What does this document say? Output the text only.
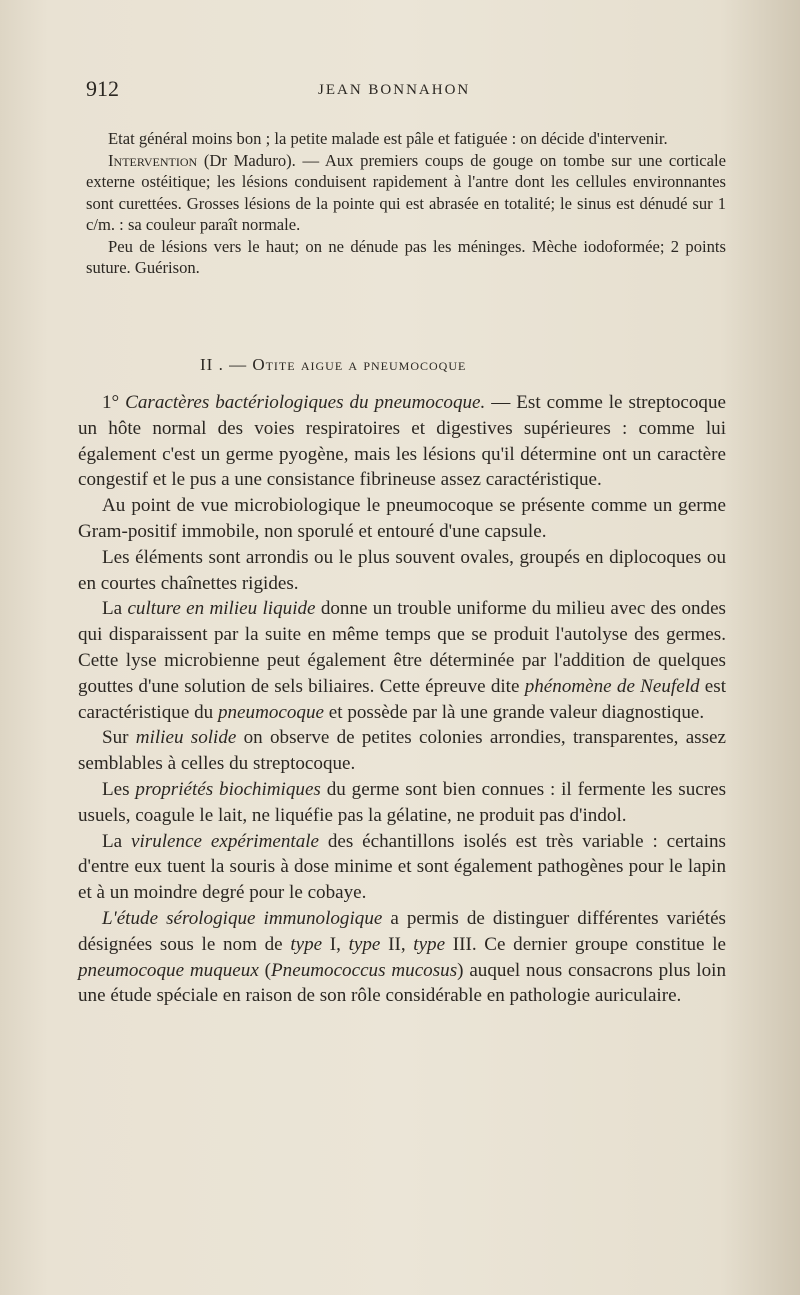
912	JEAN BONNAHON

Etat général moins bon ; la petite malade est pâle et fatiguée : on décide d'intervenir.

Intervention (Dr Maduro). — Aux premiers coups de gouge on tombe sur une corticale externe ostéitique; les lésions conduisent rapidement à l'antre dont les cellules environnantes sont curettées. Grosses lésions de la pointe qui est abrasée en totalité; le sinus est dénudé sur 1 c/m. : sa couleur paraît normale.

Peu de lésions vers le haut; on ne dénude pas les méninges. Mèche iodoformée; 2 points suture. Guérison.

II . — Otite aigue a pneumocoque

1° Caractères bactériologiques du pneumocoque. — Est comme le streptocoque un hôte normal des voies respiratoires et digestives supérieures : comme lui également c'est un germe pyogène, mais les lésions qu'il détermine ont un caractère congestif et le pus a une consistance fibrineuse assez caractéristique.

Au point de vue microbiologique le pneumocoque se présente comme un germe Gram-positif immobile, non sporulé et entouré d'une capsule.

Les éléments sont arrondis ou le plus souvent ovales, groupés en diplocoques ou en courtes chaînettes rigides.

La culture en milieu liquide donne un trouble uniforme du milieu avec des ondes qui disparaissent par la suite en même temps que se produit l'autolyse des germes. Cette lyse microbienne peut également être déterminée par l'addition de quelques gouttes d'une solution de sels biliaires. Cette épreuve dite phénomène de Neufeld est caractéristique du pneumocoque et possède par là une grande valeur diagnostique.

Sur milieu solide on observe de petites colonies arrondies, transparentes, assez semblables à celles du streptocoque.

Les propriétés biochimiques du germe sont bien connues : il fermente les sucres usuels, coagule le lait, ne liquéfie pas la gélatine, ne produit pas d'indol.

La virulence expérimentale des échantillons isolés est très variable : certains d'entre eux tuent la souris à dose minime et sont également pathogènes pour le lapin et à un moindre degré pour le cobaye.

L'étude sérologique immunologique a permis de distinguer différentes variétés désignées sous le nom de type I, type II, type III. Ce dernier groupe constitue le pneumocoque muqueux (Pneumococcus mucosus) auquel nous consacrons plus loin une étude spéciale en raison de son rôle considérable en pathologie auriculaire.
